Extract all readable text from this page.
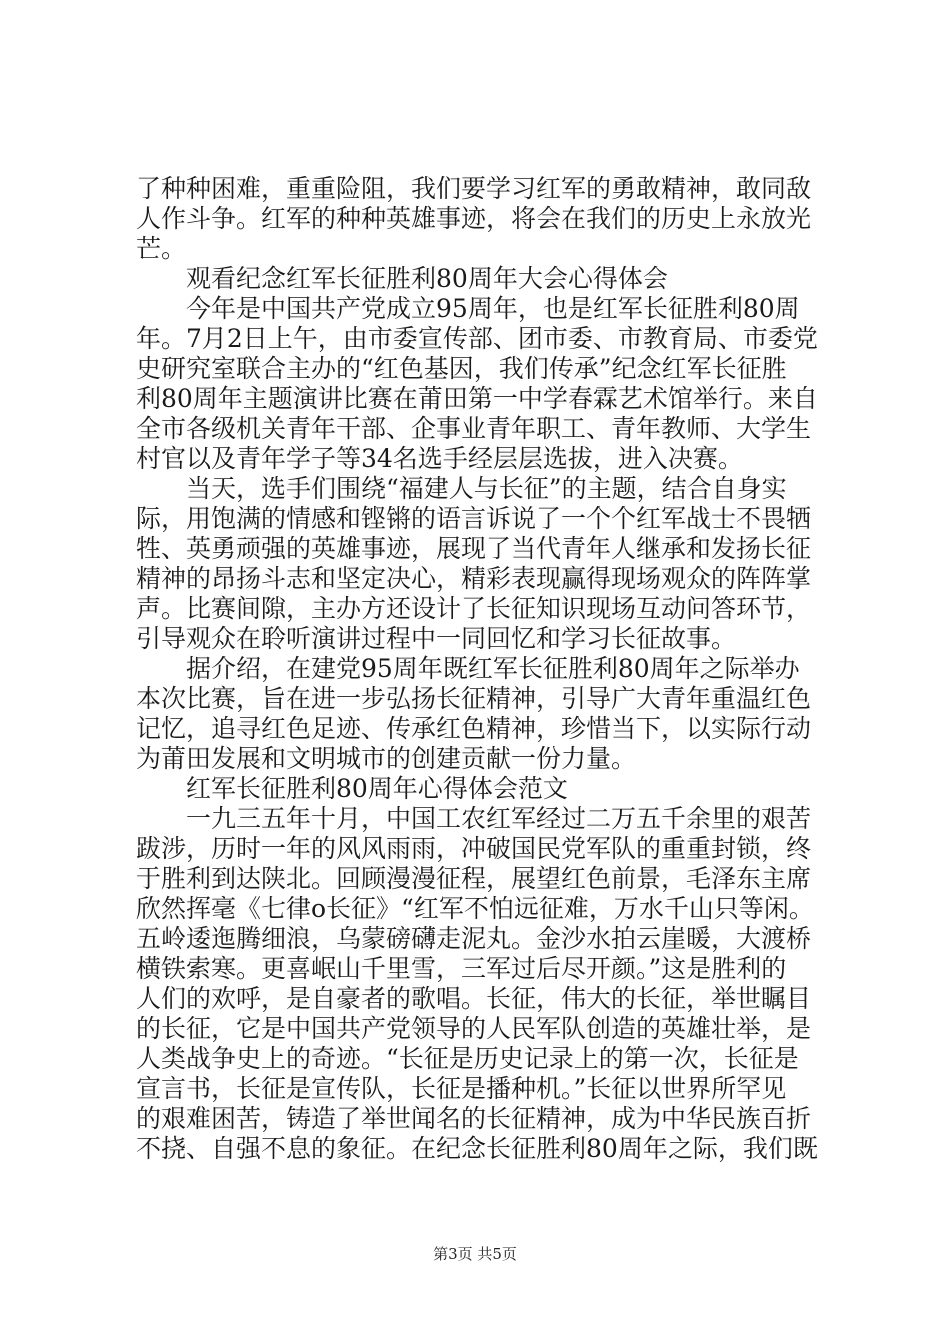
了种种困难，重重险阻，我们要学习红军的勇敢精神，敢同敌
人作斗争。红军的种种英雄事迹，将会在我们的历史上永放光
芒。
　　观看纪念红军长征胜利80周年大会心得体会
　　今年是中国共产党成立95周年，也是红军长征胜利80周
年。7月2日上午，由市委宣传部、团市委、市教育局、市委党
史研究室联合主办的“红色基因，我们传承”纪念红军长征胜
利80周年主题演讲比赛在莆田第一中学春霖艺术馆举行。来自
全市各级机关青年干部、企事业青年职工、青年教师、大学生
村官以及青年学子等34名选手经层层选拔，进入决赛。
　　当天，选手们围绕“福建人与长征”的主题，结合自身实
际，用饱满的情感和铿锵的语言诉说了一个个红军战士不畏牺
牲、英勇顽强的英雄事迹，展现了当代青年人继承和发扬长征
精神的昂扬斗志和坚定决心，精彩表现赢得现场观众的阵阵掌
声。比赛间隙，主办方还设计了长征知识现场互动问答环节，
引导观众在聆听演讲过程中一同回忆和学习长征故事。
　　据介绍，在建党95周年既红军长征胜利80周年之际举办
本次比赛，旨在进一步弘扬长征精神，引导广大青年重温红色
记忆，追寻红色足迹、传承红色精神，珍惜当下，以实际行动
为莆田发展和文明城市的创建贡献一份力量。
　　红军长征胜利80周年心得体会范文
　　一九三五年十月，中国工农红军经过二万五千余里的艰苦
跋涉，历时一年的风风雨雨，冲破国民党军队的重重封锁，终
于胜利到达陕北。回顾漫漫征程，展望红色前景，毛泽东主席
欣然挥毫《七律o长征》“红军不怕远征难，万水千山只等闲。
五岭逶迤腾细浪，乌蒙磅礴走泥丸。金沙水拍云崖暖，大渡桥
横铁索寒。更喜岷山千里雪，三军过后尽开颜。”这是胜利的
人们的欢呼，是自豪者的歌唱。长征，伟大的长征，举世瞩目
的长征，它是中国共产党领导的人民军队创造的英雄壮举，是
人类战争史上的奇迹。“长征是历史记录上的第一次，长征是
宣言书，长征是宣传队，长征是播种机。”长征以世界所罕见
的艰难困苦，铸造了举世闻名的长征精神，成为中华民族百折
不挠、自强不息的象征。在纪念长征胜利80周年之际，我们既
第3页 共5页
